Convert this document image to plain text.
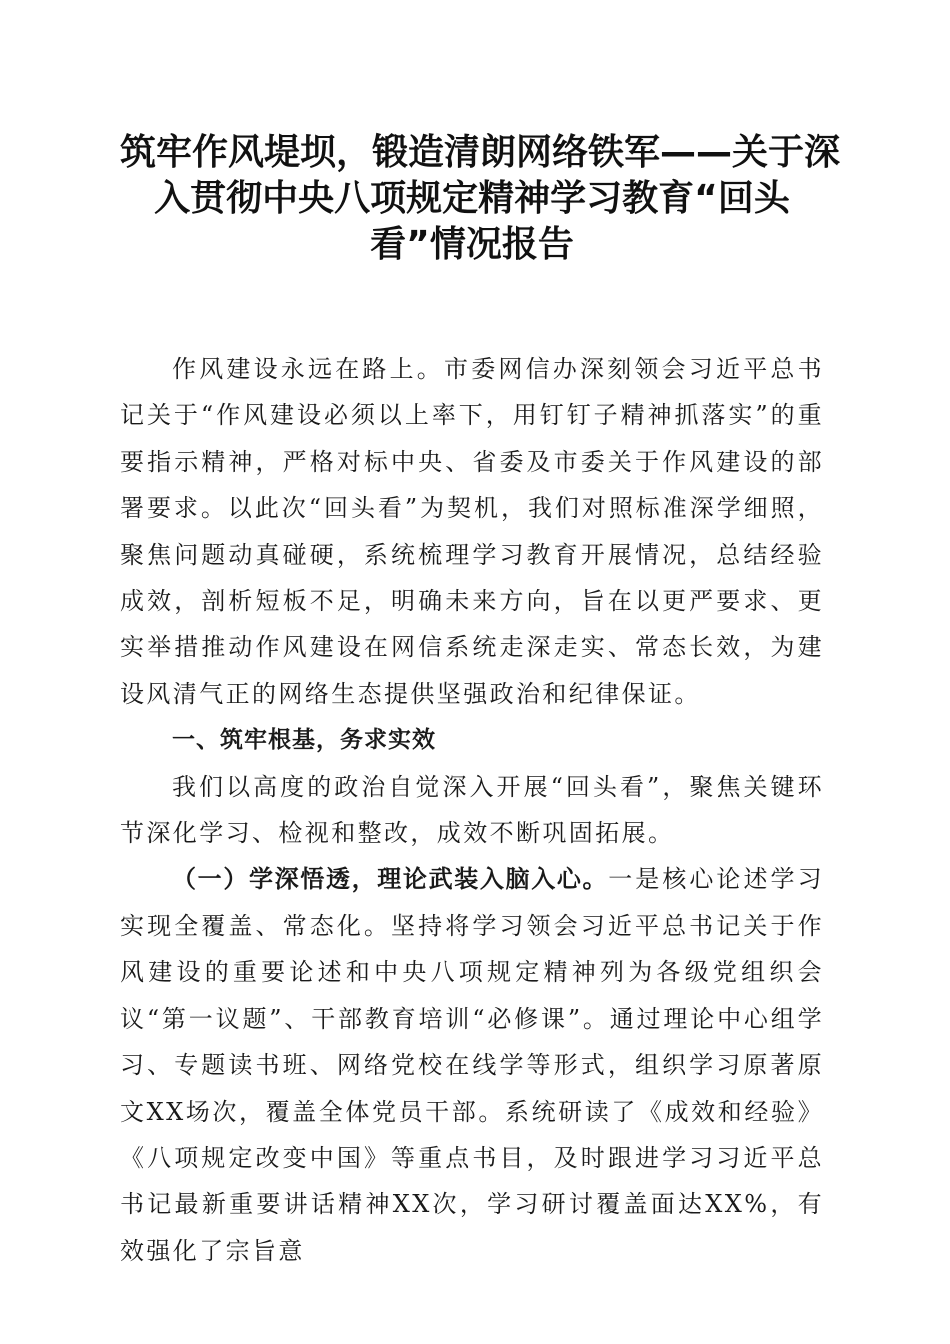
筑牢作风堤坝，锻造清朗网络铁军——关于深
入贯彻中央八项规定精神学习教育“回头
看”情况报告

作风建设永远在路上。市委网信办深刻领会习近平总书记关于“作风建设必须以上率下，用钉钉子精神抓落实”的重要指示精神，严格对标中央、省委及市委关于作风建设的部署要求。以此次“回头看”为契机，我们对照标准深学细照，聚焦问题动真碰硬，系统梳理学习教育开展情况，总结经验成效，剖析短板不足，明确未来方向，旨在以更严要求、更实举措推动作风建设在网信系统走深走实、常态长效，为建设风清气正的网络生态提供坚强政治和纪律保证。

一、筑牢根基，务求实效

我们以高度的政治自觉深入开展“回头看”，聚焦关键环节深化学习、检视和整改，成效不断巩固拓展。

（一）学深悟透，理论武装入脑入心。一是核心论述学习实现全覆盖、常态化。坚持将学习领会习近平总书记关于作风建设的重要论述和中央八项规定精神列为各级党组织会议“第一议题”、干部教育培训“必修课”。通过理论中心组学习、专题读书班、网络党校在线学等形式，组织学习原著原文XX场次，覆盖全体党员干部。系统研读了《成效和经验》《八项规定改变中国》等重点书目，及时跟进学习习近平总书记最新重要讲话精神XX次，学习研讨覆盖面达XX%，有效强化了宗旨意
